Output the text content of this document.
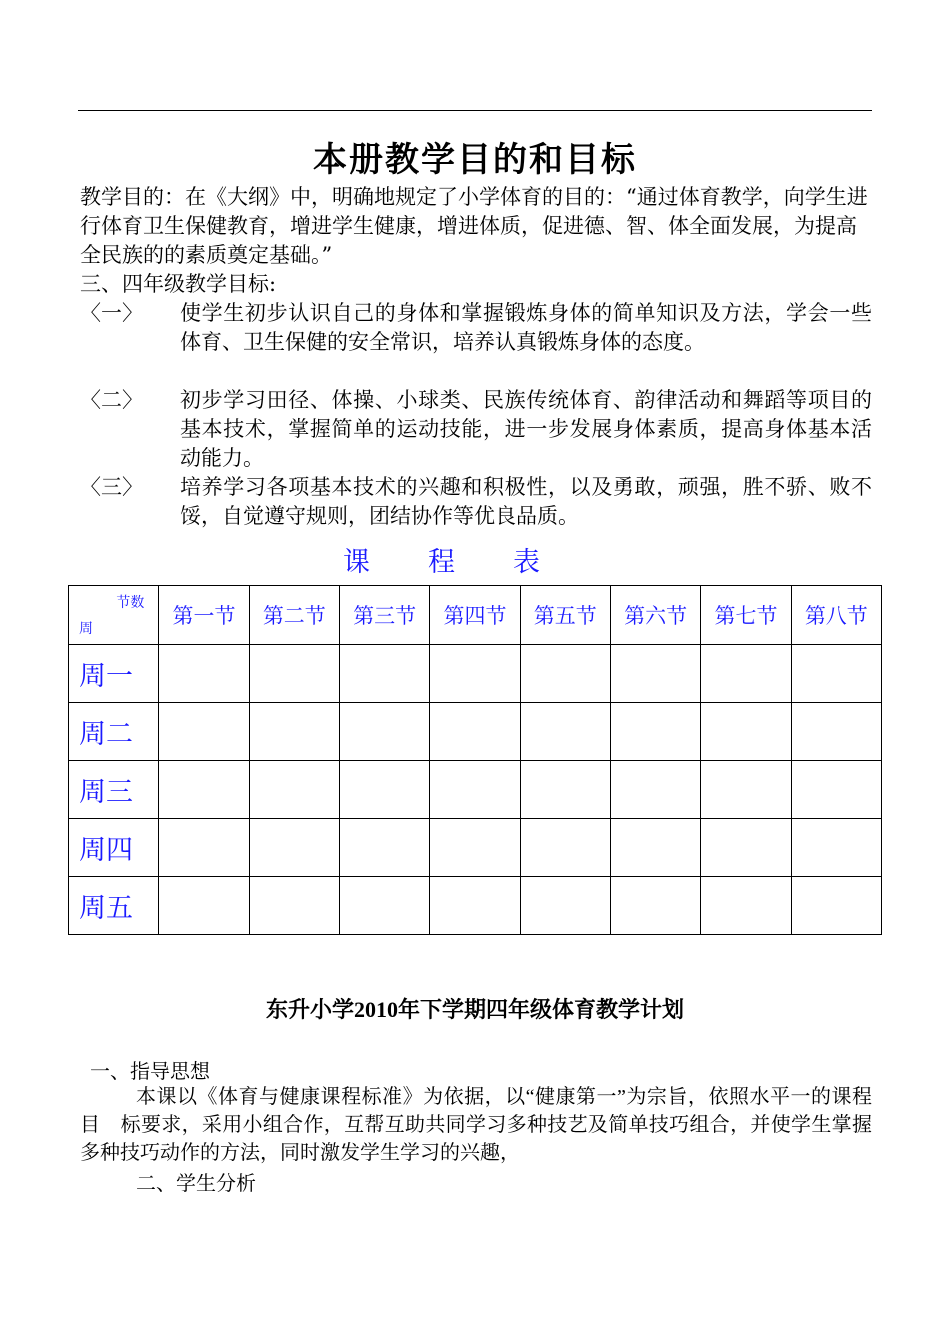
本册教学目的和目标

教学目的：在《大纲》中，明确地规定了小学体育的目的：“通过体育教学，向学生进行体育卫生保健教育，增进学生健康，增进体质，促进德、智、体全面发展，为提高全民族的的素质奠定基础。”

三、四年级教学目标:

〈一〉	使学生初步认识自己的身体和掌握锻炼身体的简单知识及方法，学会一些体育、卫生保健的安全常识，培养认真锻炼身体的态度。
〈二〉	初步学习田径、体操、小球类、民族传统体育、韵律活动和舞蹈等项目的基本技术，掌握简单的运动技能，进一步发展身体素质，提高身体基本活动能力。
〈三〉	培养学习各项基本技术的兴趣和积极性，以及勇敢，顽强，胜不骄、败不馁，自觉遵守规则，团结协作等优良品质。
课 程 表
节数
周	第一节	第二节	第三节	第四节	第五节	第六节	第七节	第八节
周一								
周二								
周三								
周四								
周五								
东升小学2010年下学期四年级体育教学计划
一、指导思想

本课以《体育与健康课程标准》为依据，以“健康第一”为宗旨，依照水平一的课程目　标要求，采用小组合作，互帮互助共同学习多种技艺及简单技巧组合，并使学生掌握多种技巧动作的方法，同时激发学生学习的兴趣，

二、学生分析
